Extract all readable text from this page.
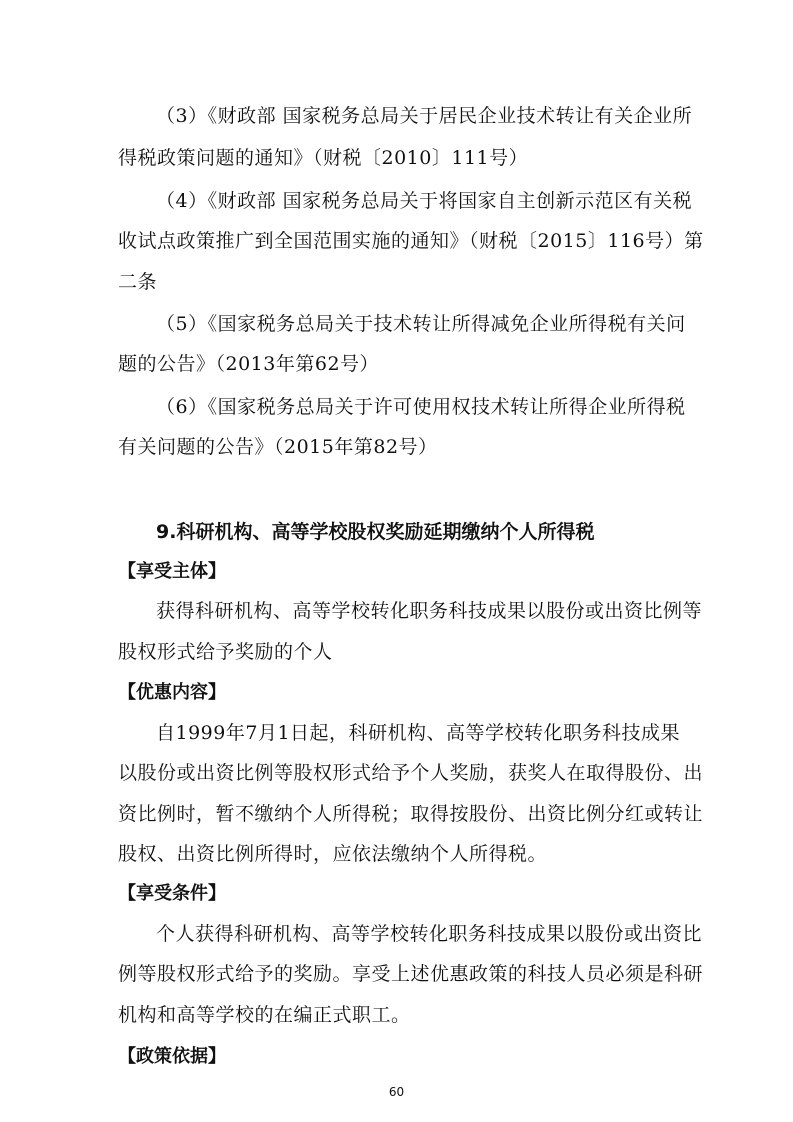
（3）《财政部 国家税务总局关于居民企业技术转让有关企业所
得税政策问题的通知》（财税〔2010〕111号）
（4）《财政部 国家税务总局关于将国家自主创新示范区有关税
收试点政策推广到全国范围实施的通知》（财税〔2015〕116号）第
二条
（5）《国家税务总局关于技术转让所得减免企业所得税有关问
题的公告》（2013年第62号）
（6）《国家税务总局关于许可使用权技术转让所得企业所得税
有关问题的公告》（2015年第82号）
9.科研机构、高等学校股权奖励延期缴纳个人所得税
【享受主体】
获得科研机构、高等学校转化职务科技成果以股份或出资比例等
股权形式给予奖励的个人
【优惠内容】
自1999年7月1日起，科研机构、高等学校转化职务科技成果
以股份或出资比例等股权形式给予个人奖励，获奖人在取得股份、出
资比例时，暂不缴纳个人所得税；取得按股份、出资比例分红或转让
股权、出资比例所得时，应依法缴纳个人所得税。
【享受条件】
个人获得科研机构、高等学校转化职务科技成果以股份或出资比
例等股权形式给予的奖励。享受上述优惠政策的科技人员必须是科研
机构和高等学校的在编正式职工。
【政策依据】
60
